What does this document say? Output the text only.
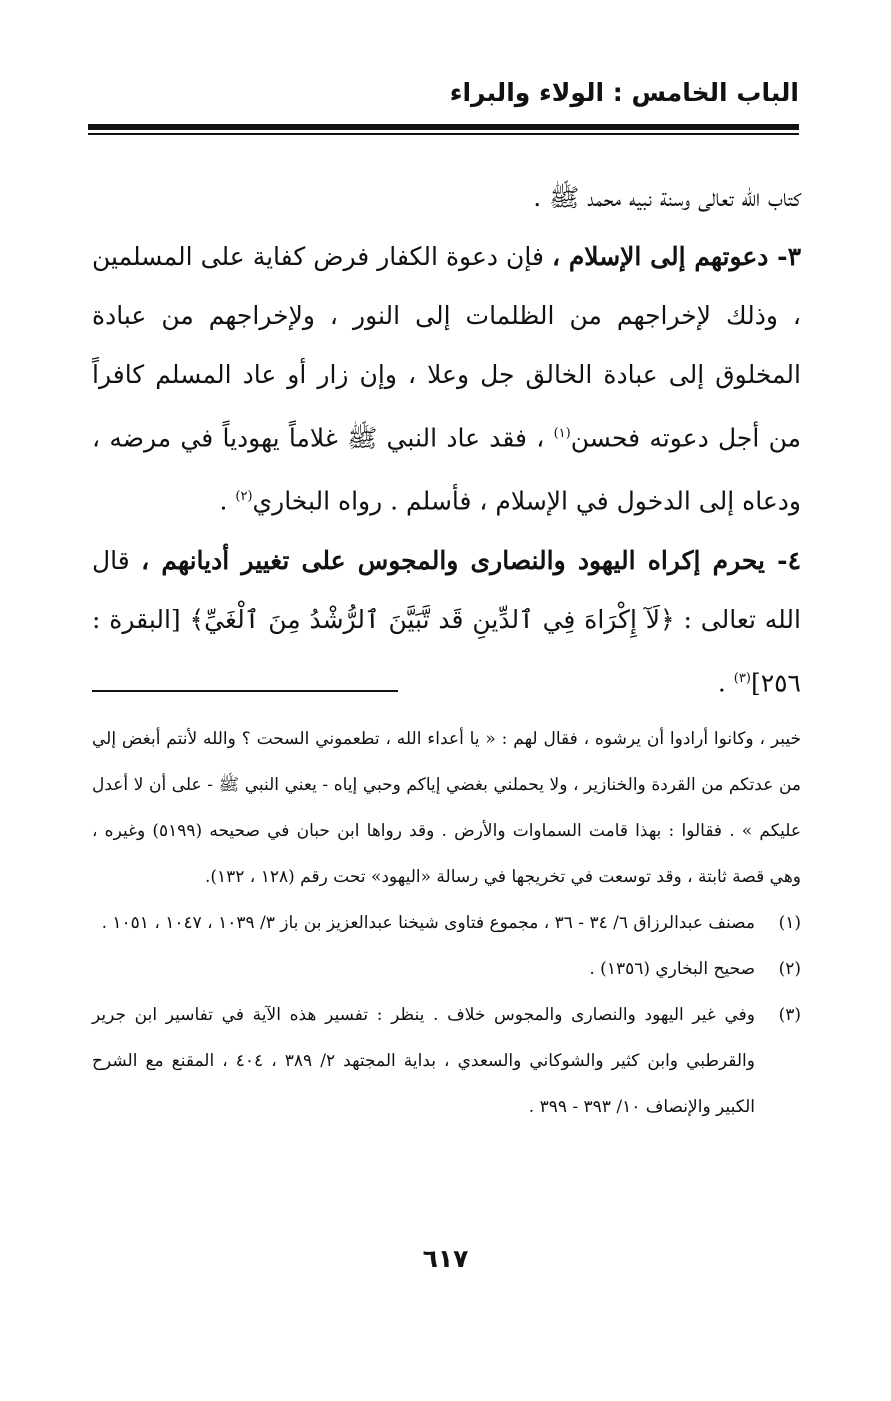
الباب الخامس : الولاء والبراء

كتاب الله تعالى وسنة نبيه محمد ﷺ .

٣- دعوتهم إلى الإسلام ، فإن دعوة الكفار فرض كفاية على المسلمين ، وذلك لإخراجهم من الظلمات إلى النور ، ولإخراجهم من عبادة المخلوق إلى عبادة الخالق جل وعلا ، وإن زار أو عاد المسلم كافراً من أجل دعوته فحسن$^{(١)}$ ، فقد عاد النبي ﷺ غلاماً يهودياً في مرضه ، ودعاه إلى الدخول في الإسلام ، فأسلم . رواه البخاري$^{(٢)}$ .

٤- يحرم إكراه اليهود والنصارى والمجوس على تغيير أديانهم ، قال الله تعالى : ﴿لَآ إِكْرَاهَ فِي ٱلدِّينِ قَد تَّبَيَّنَ ٱلرُّشْدُ مِنَ ٱلْغَيِّ﴾ [البقرة : ٢٥٦]$^{(٣)}$ .

خيبر ، وكانوا أرادوا أن يرشوه ، فقال لهم : « يا أعداء الله ، تطعموني السحت ؟ والله لأنتم أبغض إلي من عدتكم من القردة والخنازير ، ولا يحملني بغضي إياكم وحبي إياه - يعني النبي ﷺ - على أن لا أعدل عليكم » . فقالوا : بهذا قامت السماوات والأرض . وقد رواها ابن حبان في صحيحه (٥١٩٩) وغيره ، وهي قصة ثابتة ، وقد توسعت في تخريجها في رسالة «اليهود» تحت رقم (١٢٨ ، ١٣٢).

(١)
مصنف عبدالرزاق ٦/ ٣٤ - ٣٦ ، مجموع فتاوى شيخنا عبدالعزيز بن باز ٣/ ١٠٣٩ ، ١٠٤٧ ، ١٠٥١ .
(٢)
صحيح البخاري (١٣٥٦) .
(٣)
وفي غير اليهود والنصارى والمجوس خلاف . ينظر : تفسير هذه الآية في تفاسير ابن جرير والقرطبي وابن كثير والشوكاني والسعدي ، بداية المجتهد ٢/ ٣٨٩ ، ٤٠٤ ، المقنع مع الشرح الكبير والإنصاف ١٠/ ٣٩٣ - ٣٩٩ .
٦١٧
